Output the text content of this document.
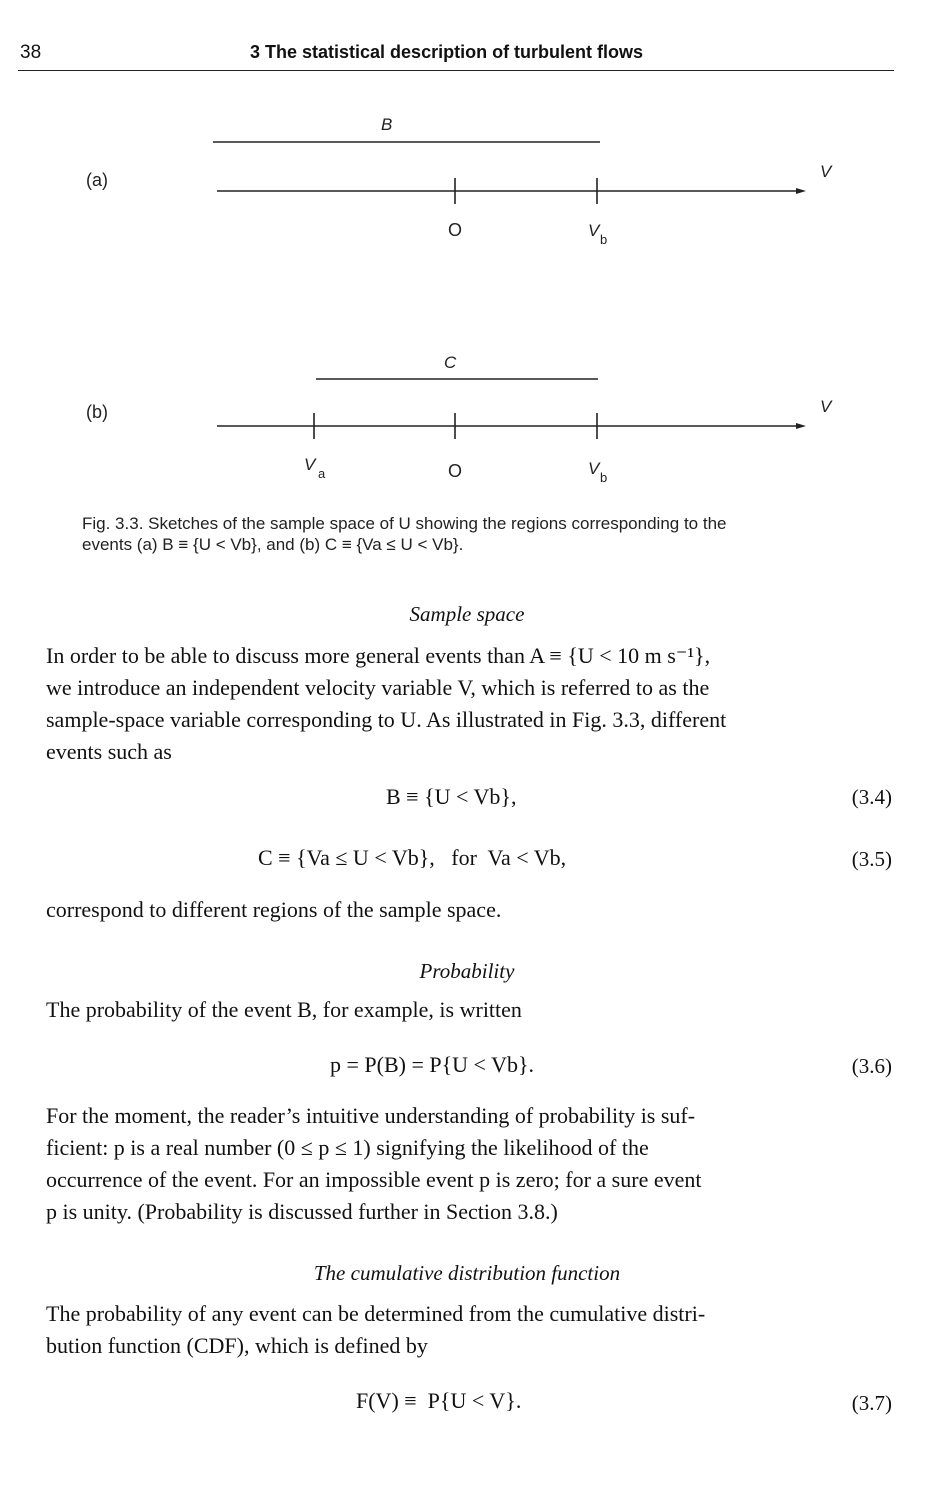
38	3 The statistical description of turbulent flows
(a)
B
V
O	V b
(b)
C
V
V a	O	V b
Fig. 3.3. Sketches of the sample space of U showing the regions corresponding to the
events (a) B ≡ {U < Vb}, and (b) C ≡ {Va ≤ U < Vb}.
Sample space
In order to be able to discuss more general events than A ≡ {U < 10 m s⁻¹},
we introduce an independent velocity variable V, which is referred to as the
sample-space variable corresponding to U. As illustrated in Fig. 3.3, different
events such as
B ≡ {U < Vb},	(3.4)
C ≡ {Va ≤ U < Vb},   for  Va < Vb,	(3.5)
correspond to different regions of the sample space.
Probability
The probability of the event B, for example, is written
p = P(B) = P{U < Vb}.	(3.6)
For the moment, the reader’s intuitive understanding of probability is suf-
ficient: p is a real number (0 ≤ p ≤ 1) signifying the likelihood of the
occurrence of the event. For an impossible event p is zero; for a sure event
p is unity. (Probability is discussed further in Section 3.8.)
The cumulative distribution function
The probability of any event can be determined from the cumulative distri-
bution function (CDF), which is defined by
F(V) ≡  P{U < V}.	(3.7)
